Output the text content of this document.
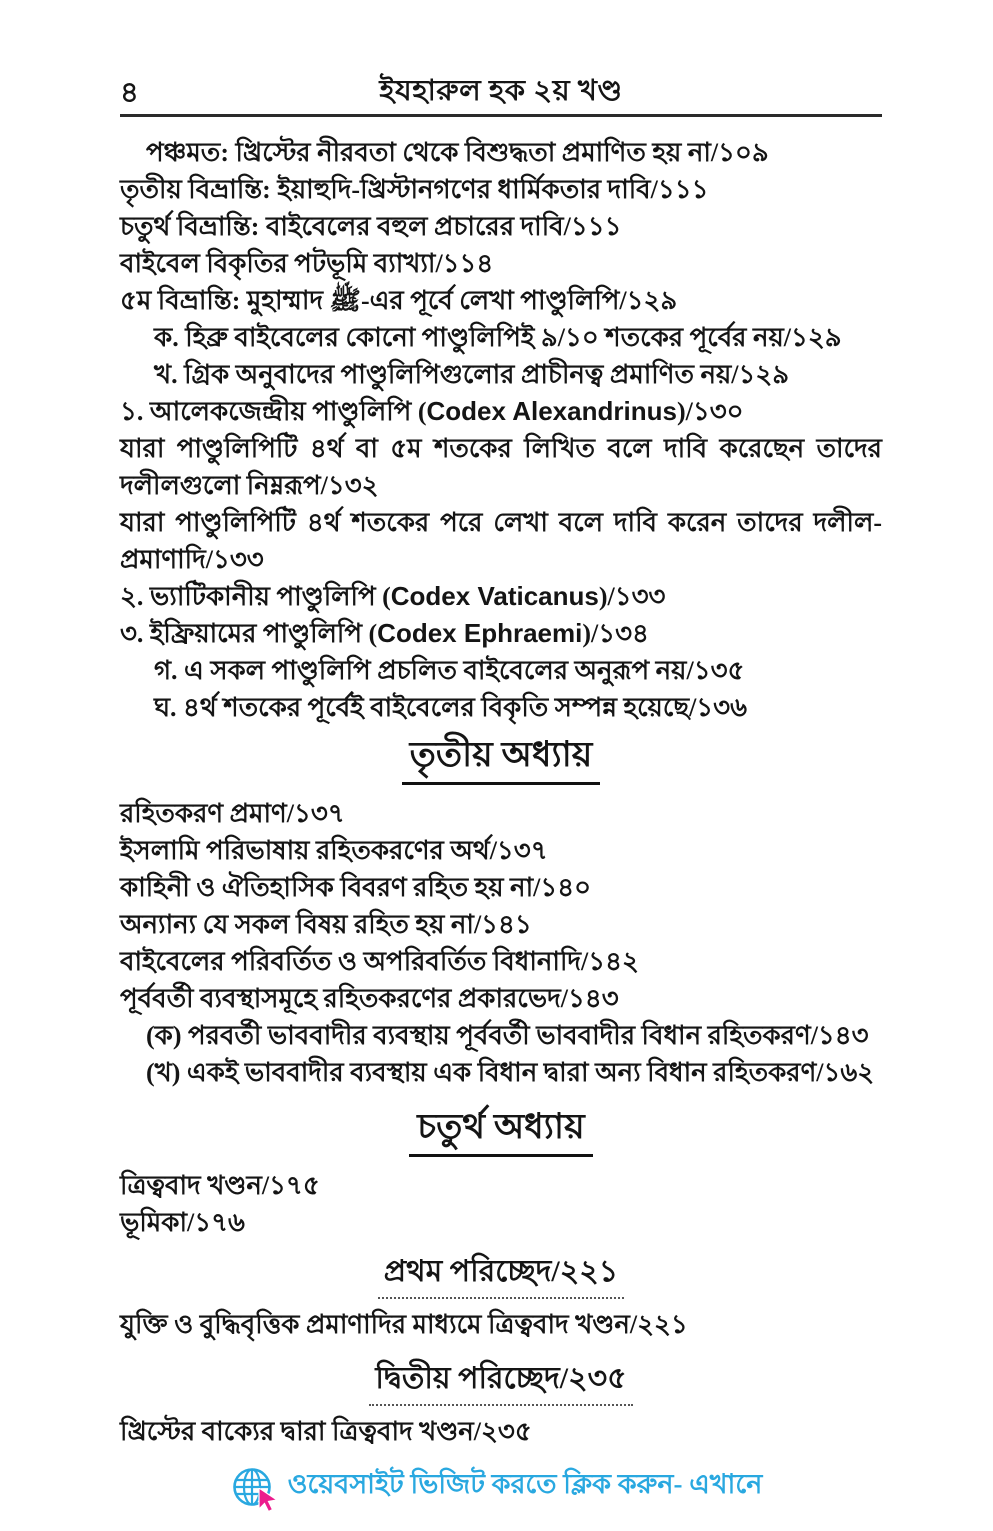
৪	ইযহারুল হক ২য় খণ্ড

পঞ্চমত: খ্রিস্টের নীরবতা থেকে বিশুদ্ধতা প্রমাণিত হয় না/১০৯

তৃতীয় বিভ্রান্তি: ইয়াহুদি-খ্রিস্টানগণের ধার্মিকতার দাবি/১১১

চতুর্থ বিভ্রান্তি: বাইবেলের বহুল প্রচারের দাবি/১১১

বাইবেল বিকৃতির পটভূমি ব্যাখ্যা/১১৪

৫ম বিভ্রান্তি: মুহাম্মাদ ﷺ-এর পূর্বে লেখা পাণ্ডুলিপি/১২৯

ক. হিব্রু বাইবেলের কোনো পাণ্ডুলিপিই ৯/১০ শতকের পূর্বের নয়/১২৯

খ. গ্রিক অনুবাদের পাণ্ডুলিপিগুলোর প্রাচীনত্ব প্রমাণিত নয়/১২৯

১. আলেকজেন্দ্রীয় পাণ্ডুলিপি (Codex Alexandrinus)/১৩০

যারা পাণ্ডুলিপিটি ৪র্থ বা ৫ম শতকের লিখিত বলে দাবি করেছেন তাদের দলীলগুলো নিম্নরূপ/১৩২

যারা পাণ্ডুলিপিটি ৪র্থ শতকের পরে লেখা বলে দাবি করেন তাদের দলীল-প্রমাণাদি/১৩৩

২. ভ্যাটিকানীয় পাণ্ডুলিপি (Codex Vaticanus)/১৩৩

৩. ইফ্রিয়ামের পাণ্ডুলিপি (Codex Ephraemi)/১৩৪

গ. এ সকল পাণ্ডুলিপি প্রচলিত বাইবেলের অনুরূপ নয়/১৩৫

ঘ. ৪র্থ শতকের পূর্বেই বাইবেলের বিকৃতি সম্পন্ন হয়েছে/১৩৬

তৃতীয় অধ্যায়

রহিতকরণ প্রমাণ/১৩৭

ইসলামি পরিভাষায় রহিতকরণের অর্থ/১৩৭

কাহিনী ও ঐতিহাসিক বিবরণ রহিত হয় না/১৪০

অন্যান্য যে সকল বিষয় রহিত হয় না/১৪১

বাইবেলের পরিবর্তিত ও অপরিবর্তিত বিধানাদি/১৪২

পূর্ববর্তী ব্যবস্থাসমূহে রহিতকরণের প্রকারভেদ/১৪৩

(ক) পরবর্তী ভাববাদীর ব্যবস্থায় পূর্ববর্তী ভাববাদীর বিধান রহিতকরণ/১৪৩

(খ) একই ভাববাদীর ব্যবস্থায় এক বিধান দ্বারা অন্য বিধান রহিতকরণ/১৬২

চতুর্থ অধ্যায়

ত্রিত্ববাদ খণ্ডন/১৭৫

ভূমিকা/১৭৬

প্রথম পরিচ্ছেদ/২২১

যুক্তি ও বুদ্ধিবৃত্তিক প্রমাণাদির মাধ্যমে ত্রিত্ববাদ খণ্ডন/২২১

দ্বিতীয় পরিচ্ছেদ/২৩৫

খ্রিস্টের বাক্যের দ্বারা ত্রিত্ববাদ খণ্ডন/২৩৫

ওয়েবসাইট ভিজিট করতে ক্লিক করুন- এখানে
